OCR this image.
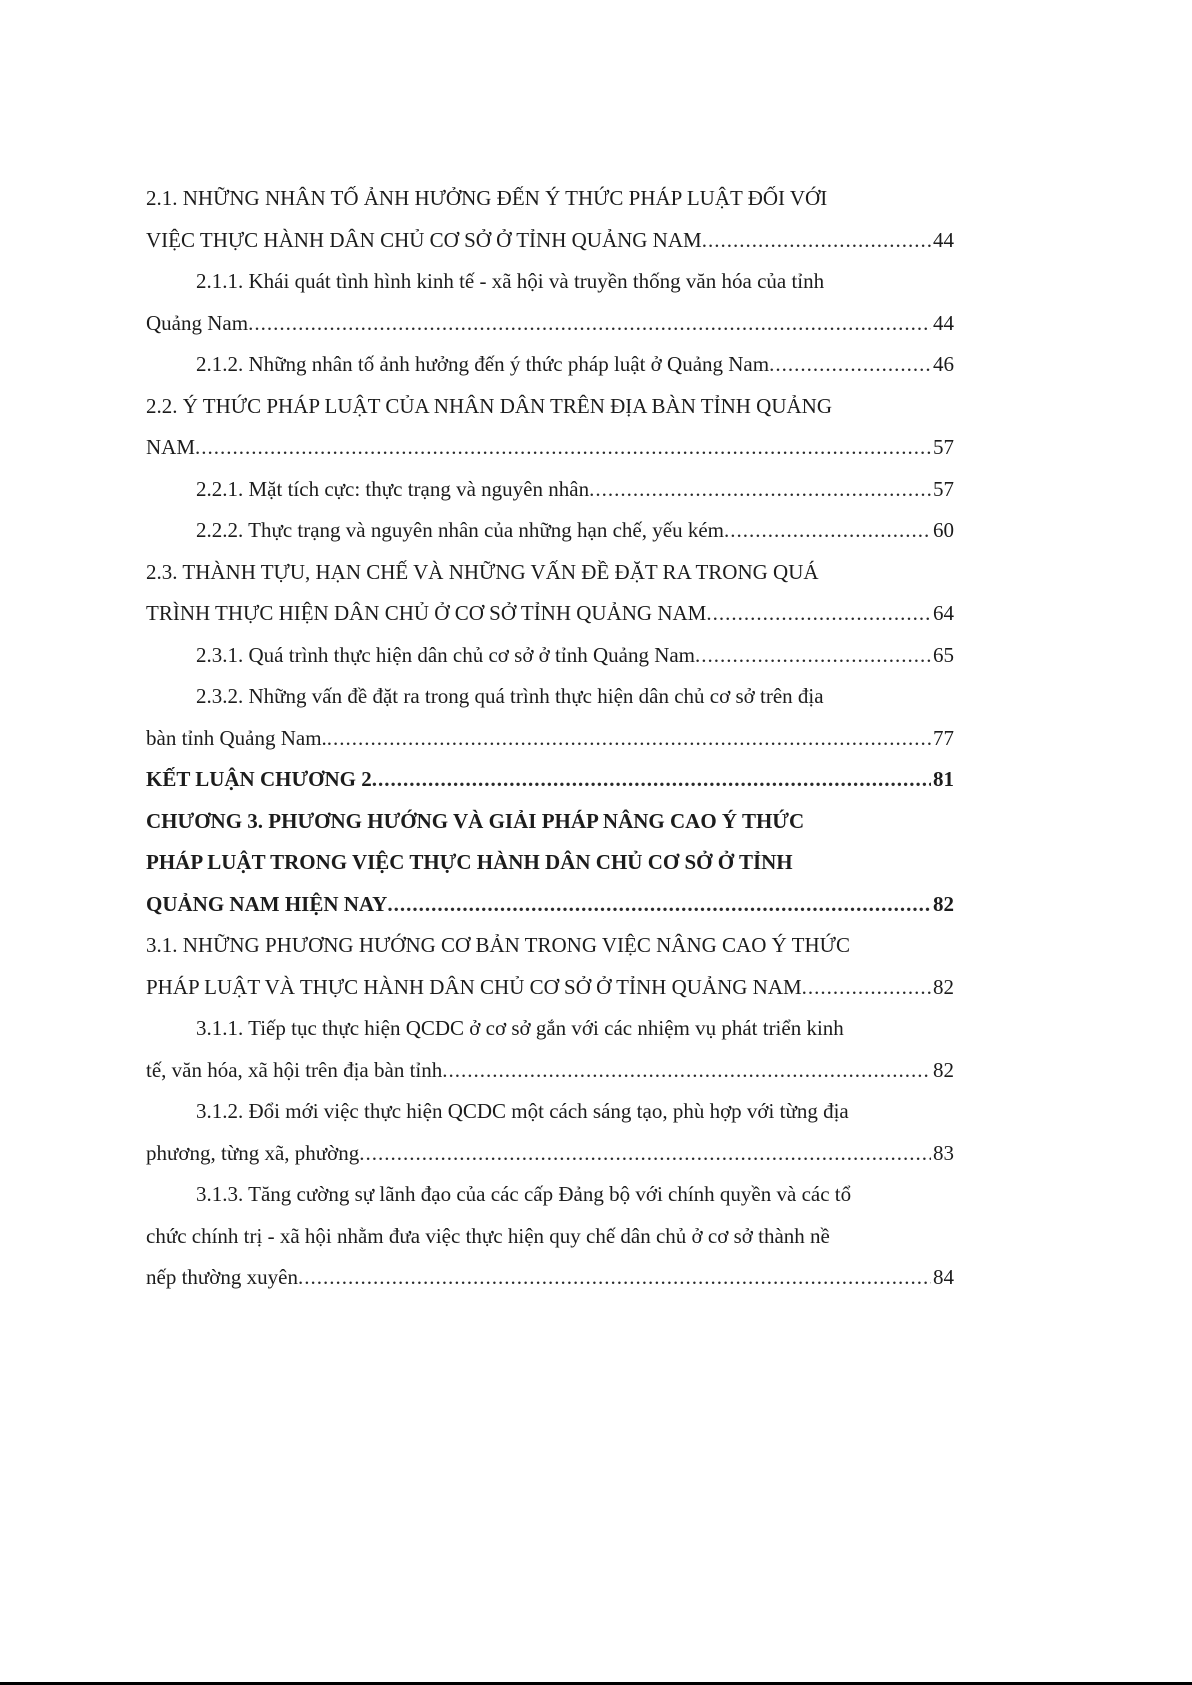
2.1. NHỮNG NHÂN TỐ ẢNH HƯỞNG ĐẾN Ý THỨC PHÁP LUẬT ĐỐI VỚI

VIỆC THỰC HÀNH DÂN CHỦ CƠ SỞ Ở TỈNH QUẢNG NAM .....	44

2.1.1. Khái quát tình hình kinh tế - xã hội và truyền thống văn hóa của tỉnh

Quảng Nam .....	44
2.1.2. Những nhân tố ảnh hưởng đến ý thức pháp luật ở Quảng Nam .....	46

2.2. Ý THỨC PHÁP LUẬT CỦA NHÂN DÂN TRÊN ĐỊA BÀN TỈNH QUẢNG

NAM .....	57
2.2.1. Mặt tích cực: thực trạng và nguyên nhân .....	57
2.2.2. Thực trạng và nguyên nhân của những hạn chế, yếu kém .....	60

2.3. THÀNH TỰU, HẠN CHẾ VÀ NHỮNG VẤN ĐỀ ĐẶT RA TRONG QUÁ

TRÌNH THỰC HIỆN DÂN CHỦ Ở CƠ SỞ TỈNH QUẢNG NAM .....	64
2.3.1. Quá trình thực hiện dân chủ cơ sở ở tỉnh Quảng Nam .....	65

2.3.2. Những vấn đề đặt ra trong quá trình thực hiện dân chủ cơ sở trên địa

bàn tỉnh Quảng Nam. .....	77
KẾT LUẬN CHƯƠNG 2 .....	81

CHƯƠNG 3. PHƯƠNG HƯỚNG VÀ GIẢI PHÁP NÂNG CAO Ý THỨC

PHÁP LUẬT TRONG VIỆC THỰC HÀNH DÂN CHỦ CƠ SỞ Ở TỈNH

QUẢNG NAM HIỆN NAY .....	82

3.1. NHỮNG PHƯƠNG HƯỚNG CƠ BẢN TRONG VIỆC NÂNG CAO Ý THỨC

PHÁP LUẬT VÀ THỰC HÀNH DÂN CHỦ CƠ SỞ Ở TỈNH QUẢNG NAM .....	82

3.1.1. Tiếp tục thực hiện QCDC ở cơ sở gắn với các nhiệm vụ phát triển kinh

tế, văn hóa, xã hội trên địa bàn tỉnh .....	82

3.1.2. Đổi mới việc thực hiện QCDC một cách sáng tạo, phù hợp với từng địa

phương, từng xã, phường .....	83

3.1.3. Tăng cường sự lãnh đạo của các cấp Đảng bộ với chính quyền và các tổ

chức chính trị - xã hội nhằm đưa việc thực hiện quy chế dân chủ ở cơ sở thành nề

nếp thường xuyên .....	84
